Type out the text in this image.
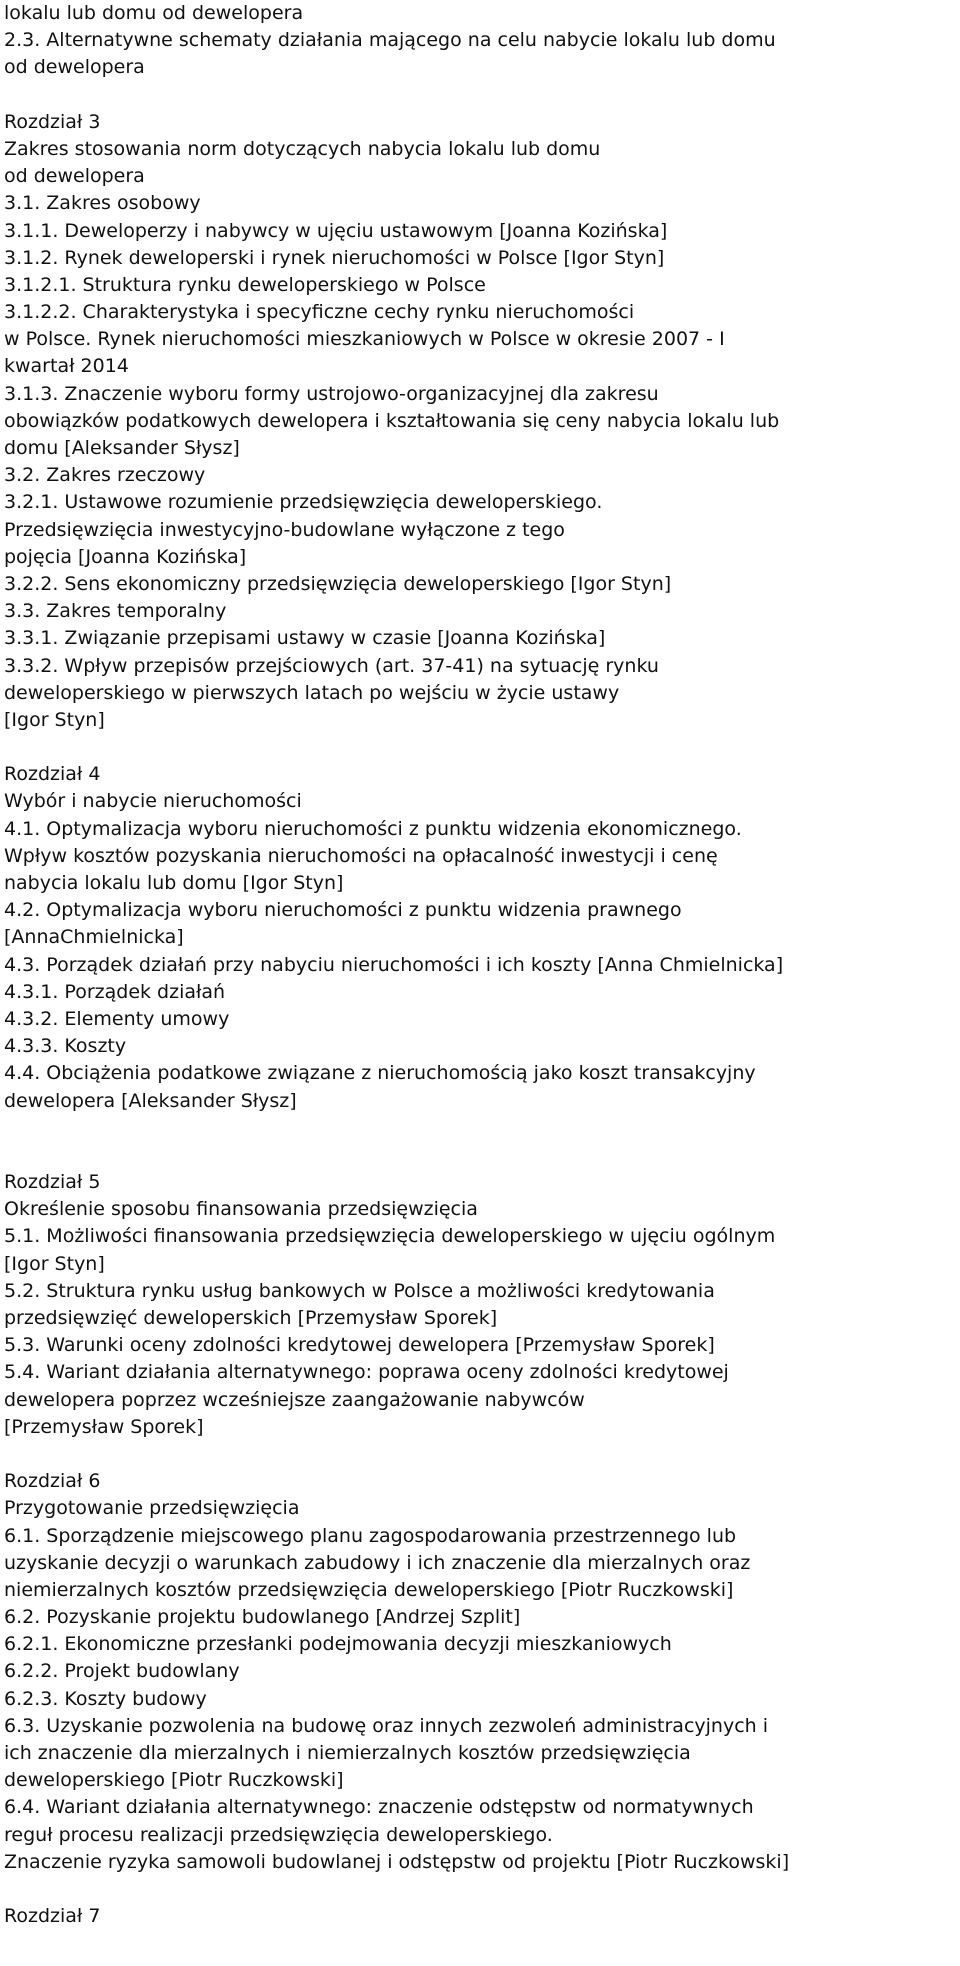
lokalu lub domu od dewelopera
2.3. Alternatywne schematy działania mającego na celu nabycie lokalu lub domu
od dewelopera
Rozdział 3
Zakres stosowania norm dotyczących nabycia lokalu lub domu
od dewelopera
3.1. Zakres osobowy
3.1.1. Deweloperzy i nabywcy w ujęciu ustawowym [Joanna Kozińska]
3.1.2. Rynek deweloperski i rynek nieruchomości w Polsce [Igor Styn]
3.1.2.1. Struktura rynku deweloperskiego w Polsce
3.1.2.2. Charakterystyka i specyficzne cechy rynku nieruchomości
w Polsce. Rynek nieruchomości mieszkaniowych w Polsce w okresie 2007 - I
kwartał 2014
3.1.3. Znaczenie wyboru formy ustrojowo-organizacyjnej dla zakresu
obowiązków podatkowych dewelopera i kształtowania się ceny nabycia lokalu lub
domu [Aleksander Słysz]
3.2. Zakres rzeczowy
3.2.1. Ustawowe rozumienie przedsięwzięcia deweloperskiego.
Przedsięwzięcia inwestycyjno-budowlane wyłączone z tego
pojęcia [Joanna Kozińska]
3.2.2. Sens ekonomiczny przedsięwzięcia deweloperskiego [Igor Styn]
3.3. Zakres temporalny
3.3.1. Związanie przepisami ustawy w czasie [Joanna Kozińska]
3.3.2. Wpływ przepisów przejściowych (art. 37-41) na sytuację rynku
deweloperskiego w pierwszych latach po wejściu w życie ustawy
[Igor Styn]
Rozdział 4
Wybór i nabycie nieruchomości
4.1. Optymalizacja wyboru nieruchomości z punktu widzenia ekonomicznego.
Wpływ kosztów pozyskania nieruchomości na opłacalność inwestycji i cenę
nabycia lokalu lub domu [Igor Styn]
4.2. Optymalizacja wyboru nieruchomości z punktu widzenia prawnego
[AnnaChmielnicka]
4.3. Porządek działań przy nabyciu nieruchomości i ich koszty [Anna Chmielnicka]
4.3.1. Porządek działań
4.3.2. Elementy umowy
4.3.3. Koszty
4.4. Obciążenia podatkowe związane z nieruchomością jako koszt transakcyjny
dewelopera [Aleksander Słysz]
Rozdział 5
Określenie sposobu finansowania przedsięwzięcia
5.1. Możliwości finansowania przedsięwzięcia deweloperskiego w ujęciu ogólnym
[Igor Styn]
5.2. Struktura rynku usług bankowych w Polsce a możliwości kredytowania
przedsięwzięć deweloperskich [Przemysław Sporek]
5.3. Warunki oceny zdolności kredytowej dewelopera [Przemysław Sporek]
5.4. Wariant działania alternatywnego: poprawa oceny zdolności kredytowej
dewelopera poprzez wcześniejsze zaangażowanie nabywców
[Przemysław Sporek]
Rozdział 6
Przygotowanie przedsięwzięcia
6.1. Sporządzenie miejscowego planu zagospodarowania przestrzennego lub
uzyskanie decyzji o warunkach zabudowy i ich znaczenie dla mierzalnych oraz
niemierzalnych kosztów przedsięwzięcia deweloperskiego [Piotr Ruczkowski]
6.2. Pozyskanie projektu budowlanego [Andrzej Szplit]
6.2.1. Ekonomiczne przesłanki podejmowania decyzji mieszkaniowych
6.2.2. Projekt budowlany
6.2.3. Koszty budowy
6.3. Uzyskanie pozwolenia na budowę oraz innych zezwoleń administracyjnych i
ich znaczenie dla mierzalnych i niemierzalnych kosztów przedsięwzięcia
deweloperskiego [Piotr Ruczkowski]
6.4. Wariant działania alternatywnego: znaczenie odstępstw od normatywnych
reguł procesu realizacji przedsięwzięcia deweloperskiego.
Znaczenie ryzyka samowoli budowlanej i odstępstw od projektu [Piotr Ruczkowski]
Rozdział 7
